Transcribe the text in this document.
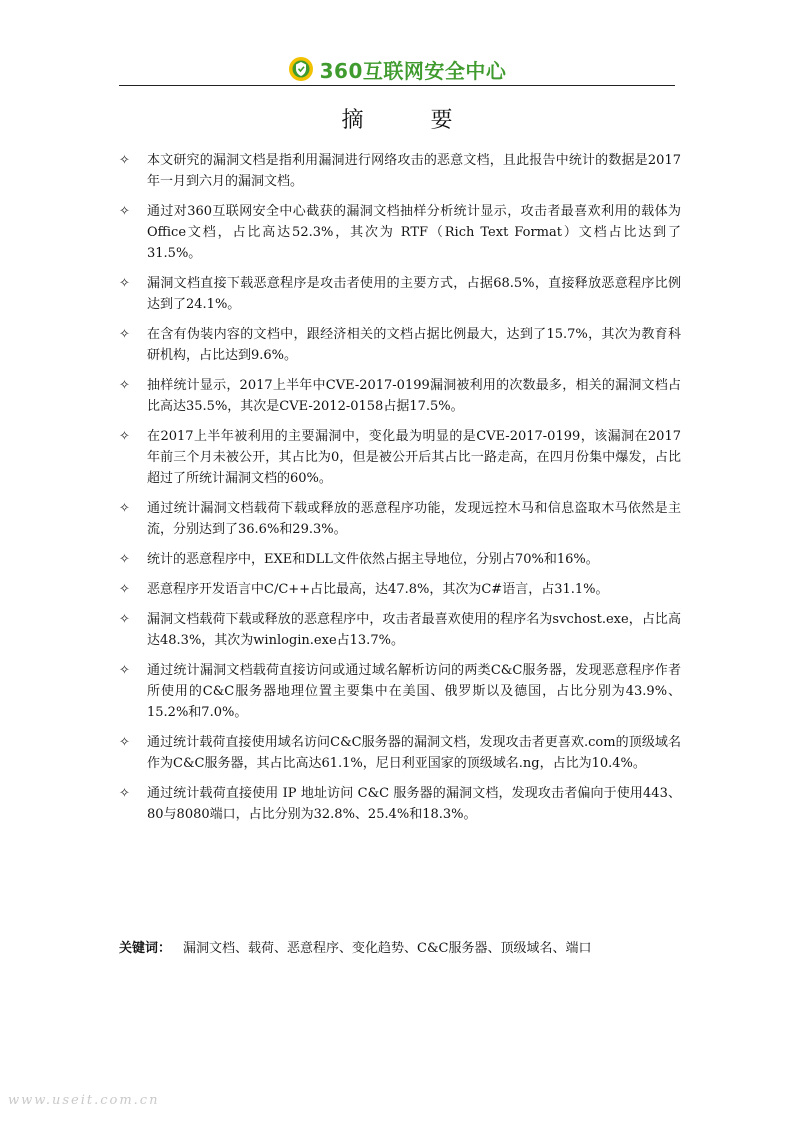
360互联网安全中心
摘 要
✧	本文研究的漏洞文档是指利用漏洞进行网络攻击的恶意文档，且此报告中统计的数据是2017年一月到六月的漏洞文档。
✧	通过对360互联网安全中心截获的漏洞文档抽样分析统计显示，攻击者最喜欢利用的载体为Office文档，占比高达52.3%，其次为 RTF（Rich Text Format）文档占比达到了31.5%。
✧	漏洞文档直接下载恶意程序是攻击者使用的主要方式，占据68.5%，直接释放恶意程序比例达到了24.1%。
✧	在含有伪装内容的文档中，跟经济相关的文档占据比例最大，达到了15.7%，其次为教育科研机构，占比达到9.6%。
✧	抽样统计显示，2017上半年中CVE-2017-0199漏洞被利用的次数最多，相关的漏洞文档占比高达35.5%，其次是CVE-2012-0158占据17.5%。
✧	在2017上半年被利用的主要漏洞中，变化最为明显的是CVE-2017-0199，该漏洞在2017年前三个月未被公开，其占比为0，但是被公开后其占比一路走高，在四月份集中爆发，占比超过了所统计漏洞文档的60%。
✧	通过统计漏洞文档载荷下载或释放的恶意程序功能，发现远控木马和信息盗取木马依然是主流，分别达到了36.6%和29.3%。
✧	统计的恶意程序中，EXE和DLL文件依然占据主导地位，分别占70%和16%。
✧	恶意程序开发语言中C/C++占比最高，达47.8%，其次为C#语言，占31.1%。
✧	漏洞文档载荷下载或释放的恶意程序中，攻击者最喜欢使用的程序名为svchost.exe，占比高达48.3%，其次为winlogin.exe占13.7%。
✧	通过统计漏洞文档载荷直接访问或通过域名解析访问的两类C&C服务器，发现恶意程序作者所使用的C&C服务器地理位置主要集中在美国、俄罗斯以及德国，占比分别为43.9%、15.2%和7.0%。
✧	通过统计载荷直接使用域名访问C&C服务器的漏洞文档，发现攻击者更喜欢.com的顶级域名作为C&C服务器，其占比高达61.1%，尼日利亚国家的顶级域名.ng，占比为10.4%。
✧	通过统计载荷直接使用 IP 地址访问 C&C 服务器的漏洞文档，发现攻击者偏向于使用443、80与8080端口，占比分别为32.8%、25.4%和18.3%。
关键词： 漏洞文档、载荷、恶意程序、变化趋势、C&C服务器、顶级域名、端口
www.useit.com.cn
